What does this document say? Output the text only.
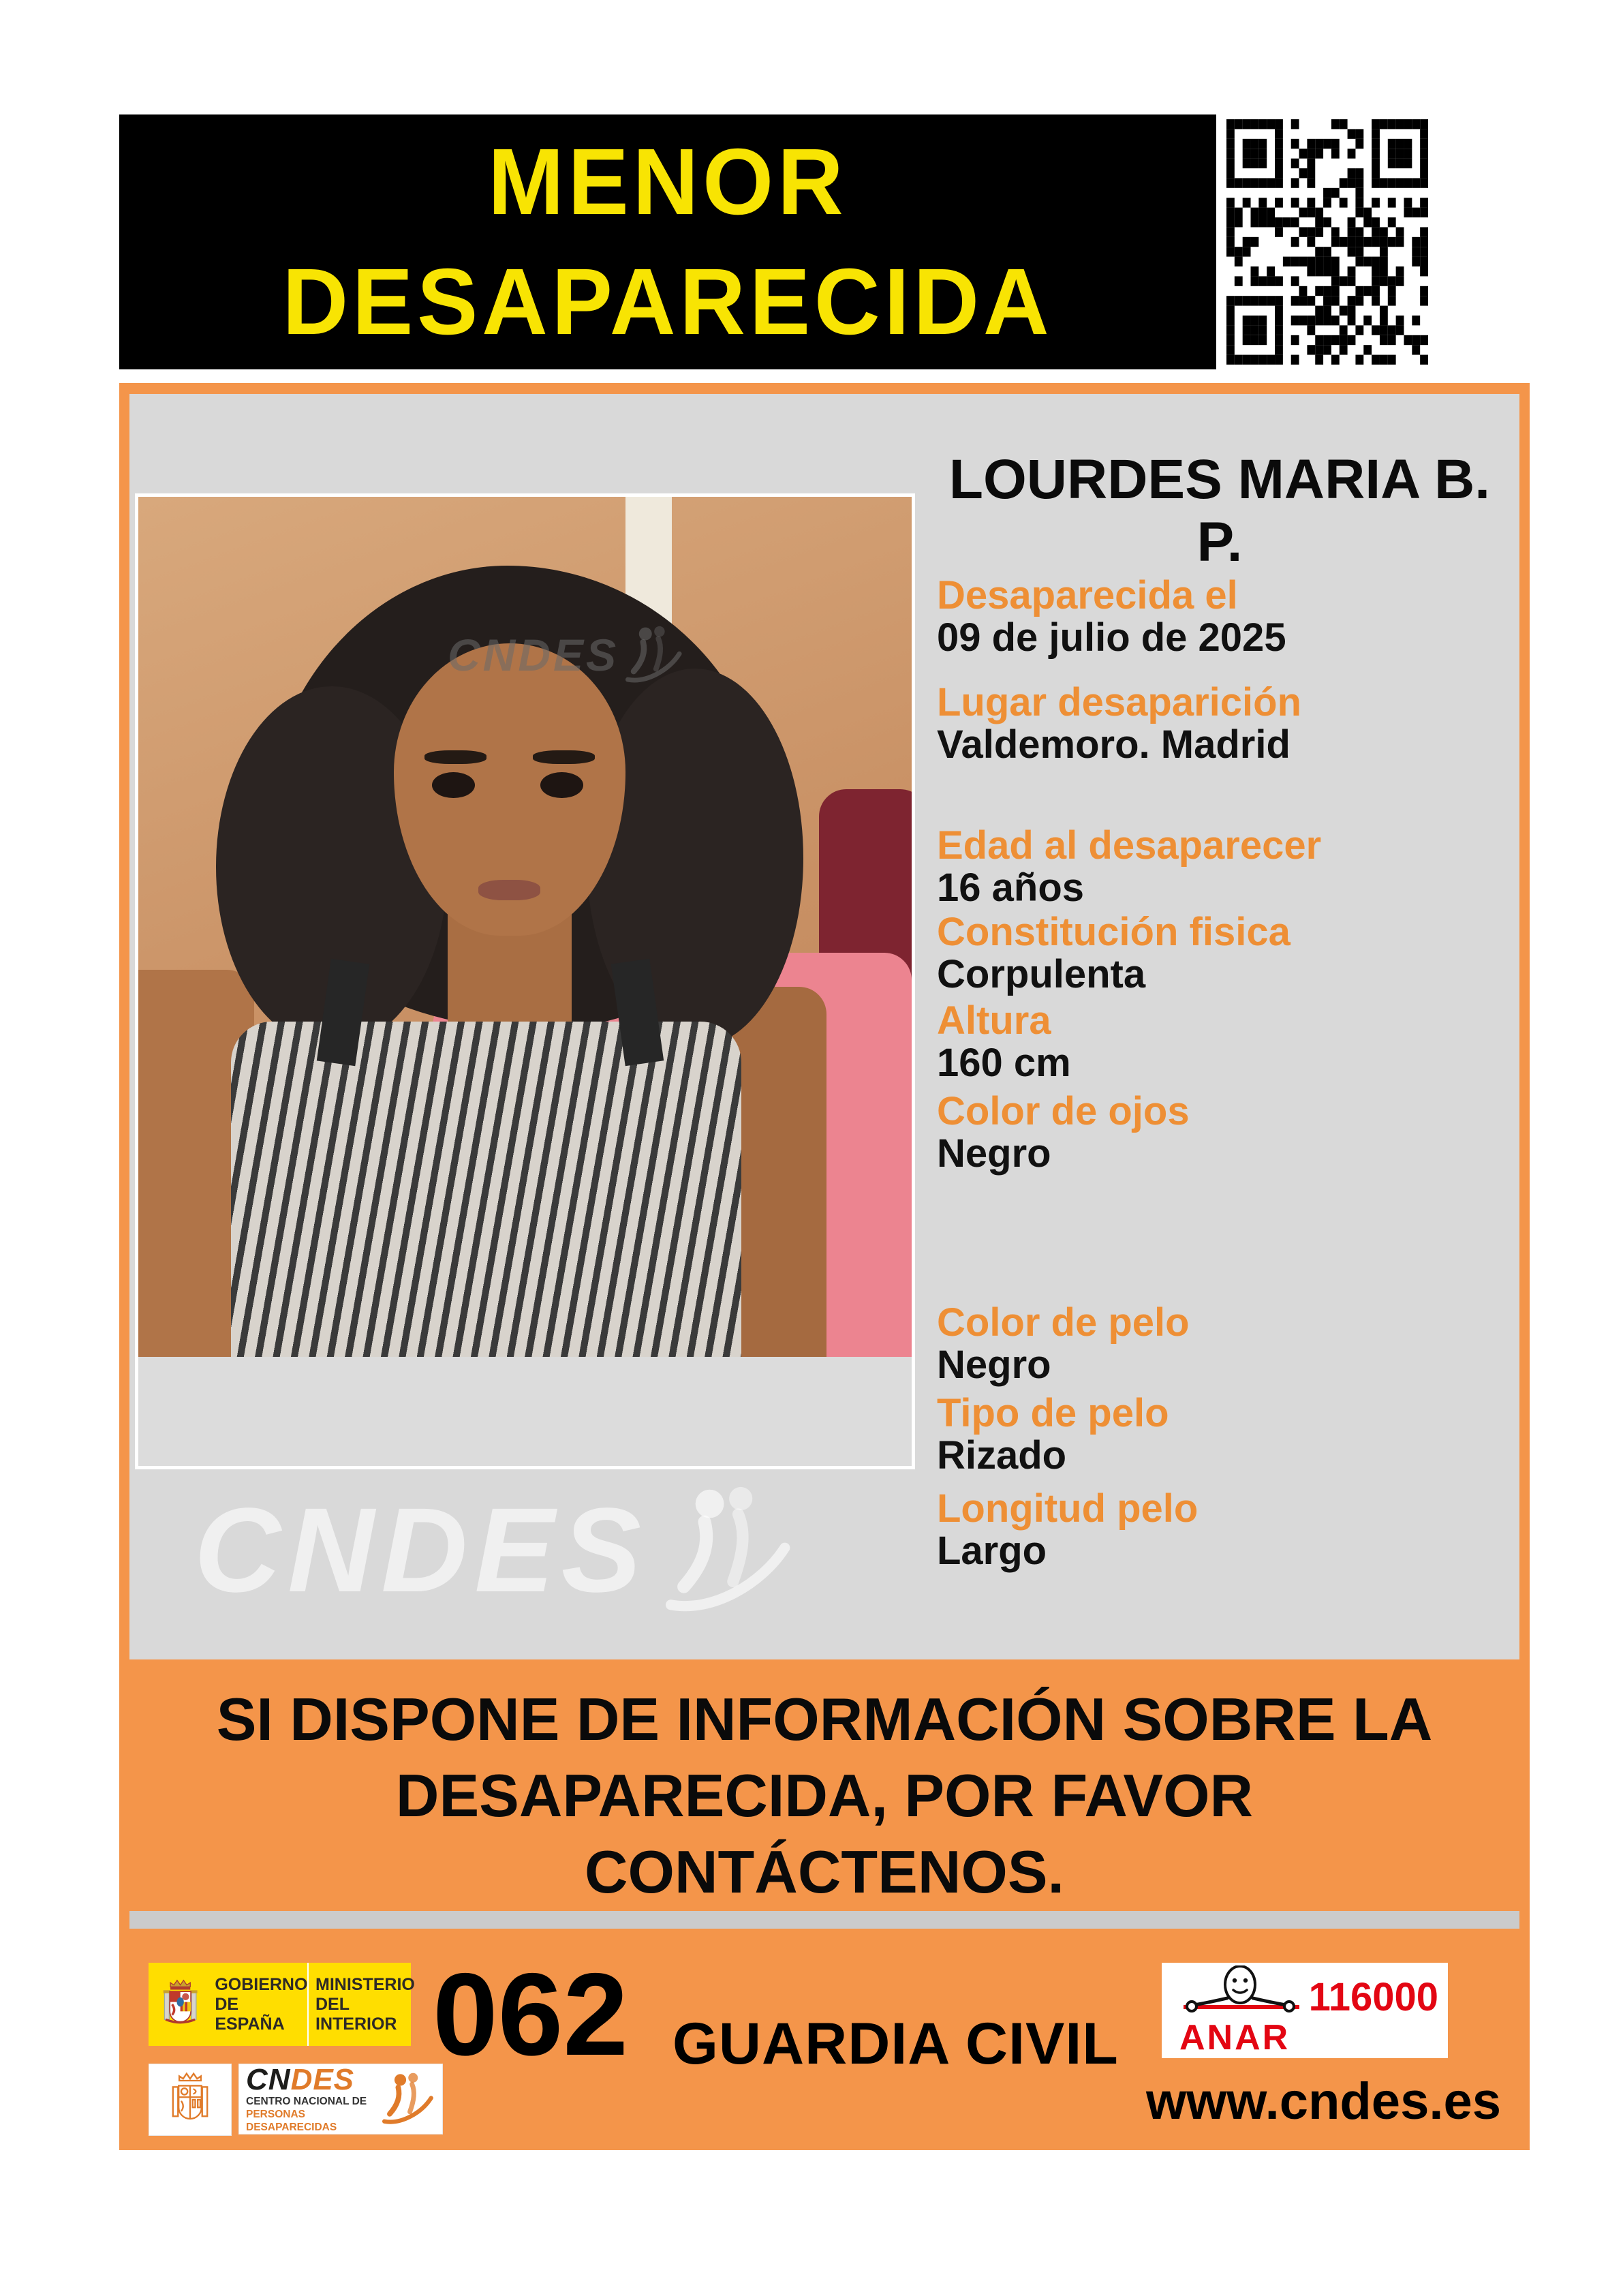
MENOR
DESAPARECIDA
CNDES
CNDES
LOURDES MARIA B.
P.
Desaparecida el
09 de julio de 2025
Lugar desaparición
Valdemoro. Madrid
Edad al desaparecer
16 años
Constitución fisica
Corpulenta
Altura
160 cm
Color de ojos
Negro
Color de pelo
Negro
Tipo de pelo
Rizado
Longitud pelo
Largo
SI DISPONE DE INFORMACIÓN SOBRE LA
DESAPARECIDA, POR FAVOR
CONTÁCTENOS.
GOBIERNO
DE ESPAÑA
MINISTERIO
DEL INTERIOR
CNDES
CENTRO NACIONAL DE
PERSONAS DESAPARECIDAS
062 GUARDIA CIVIL ANAR
116000
www.cndes.es
